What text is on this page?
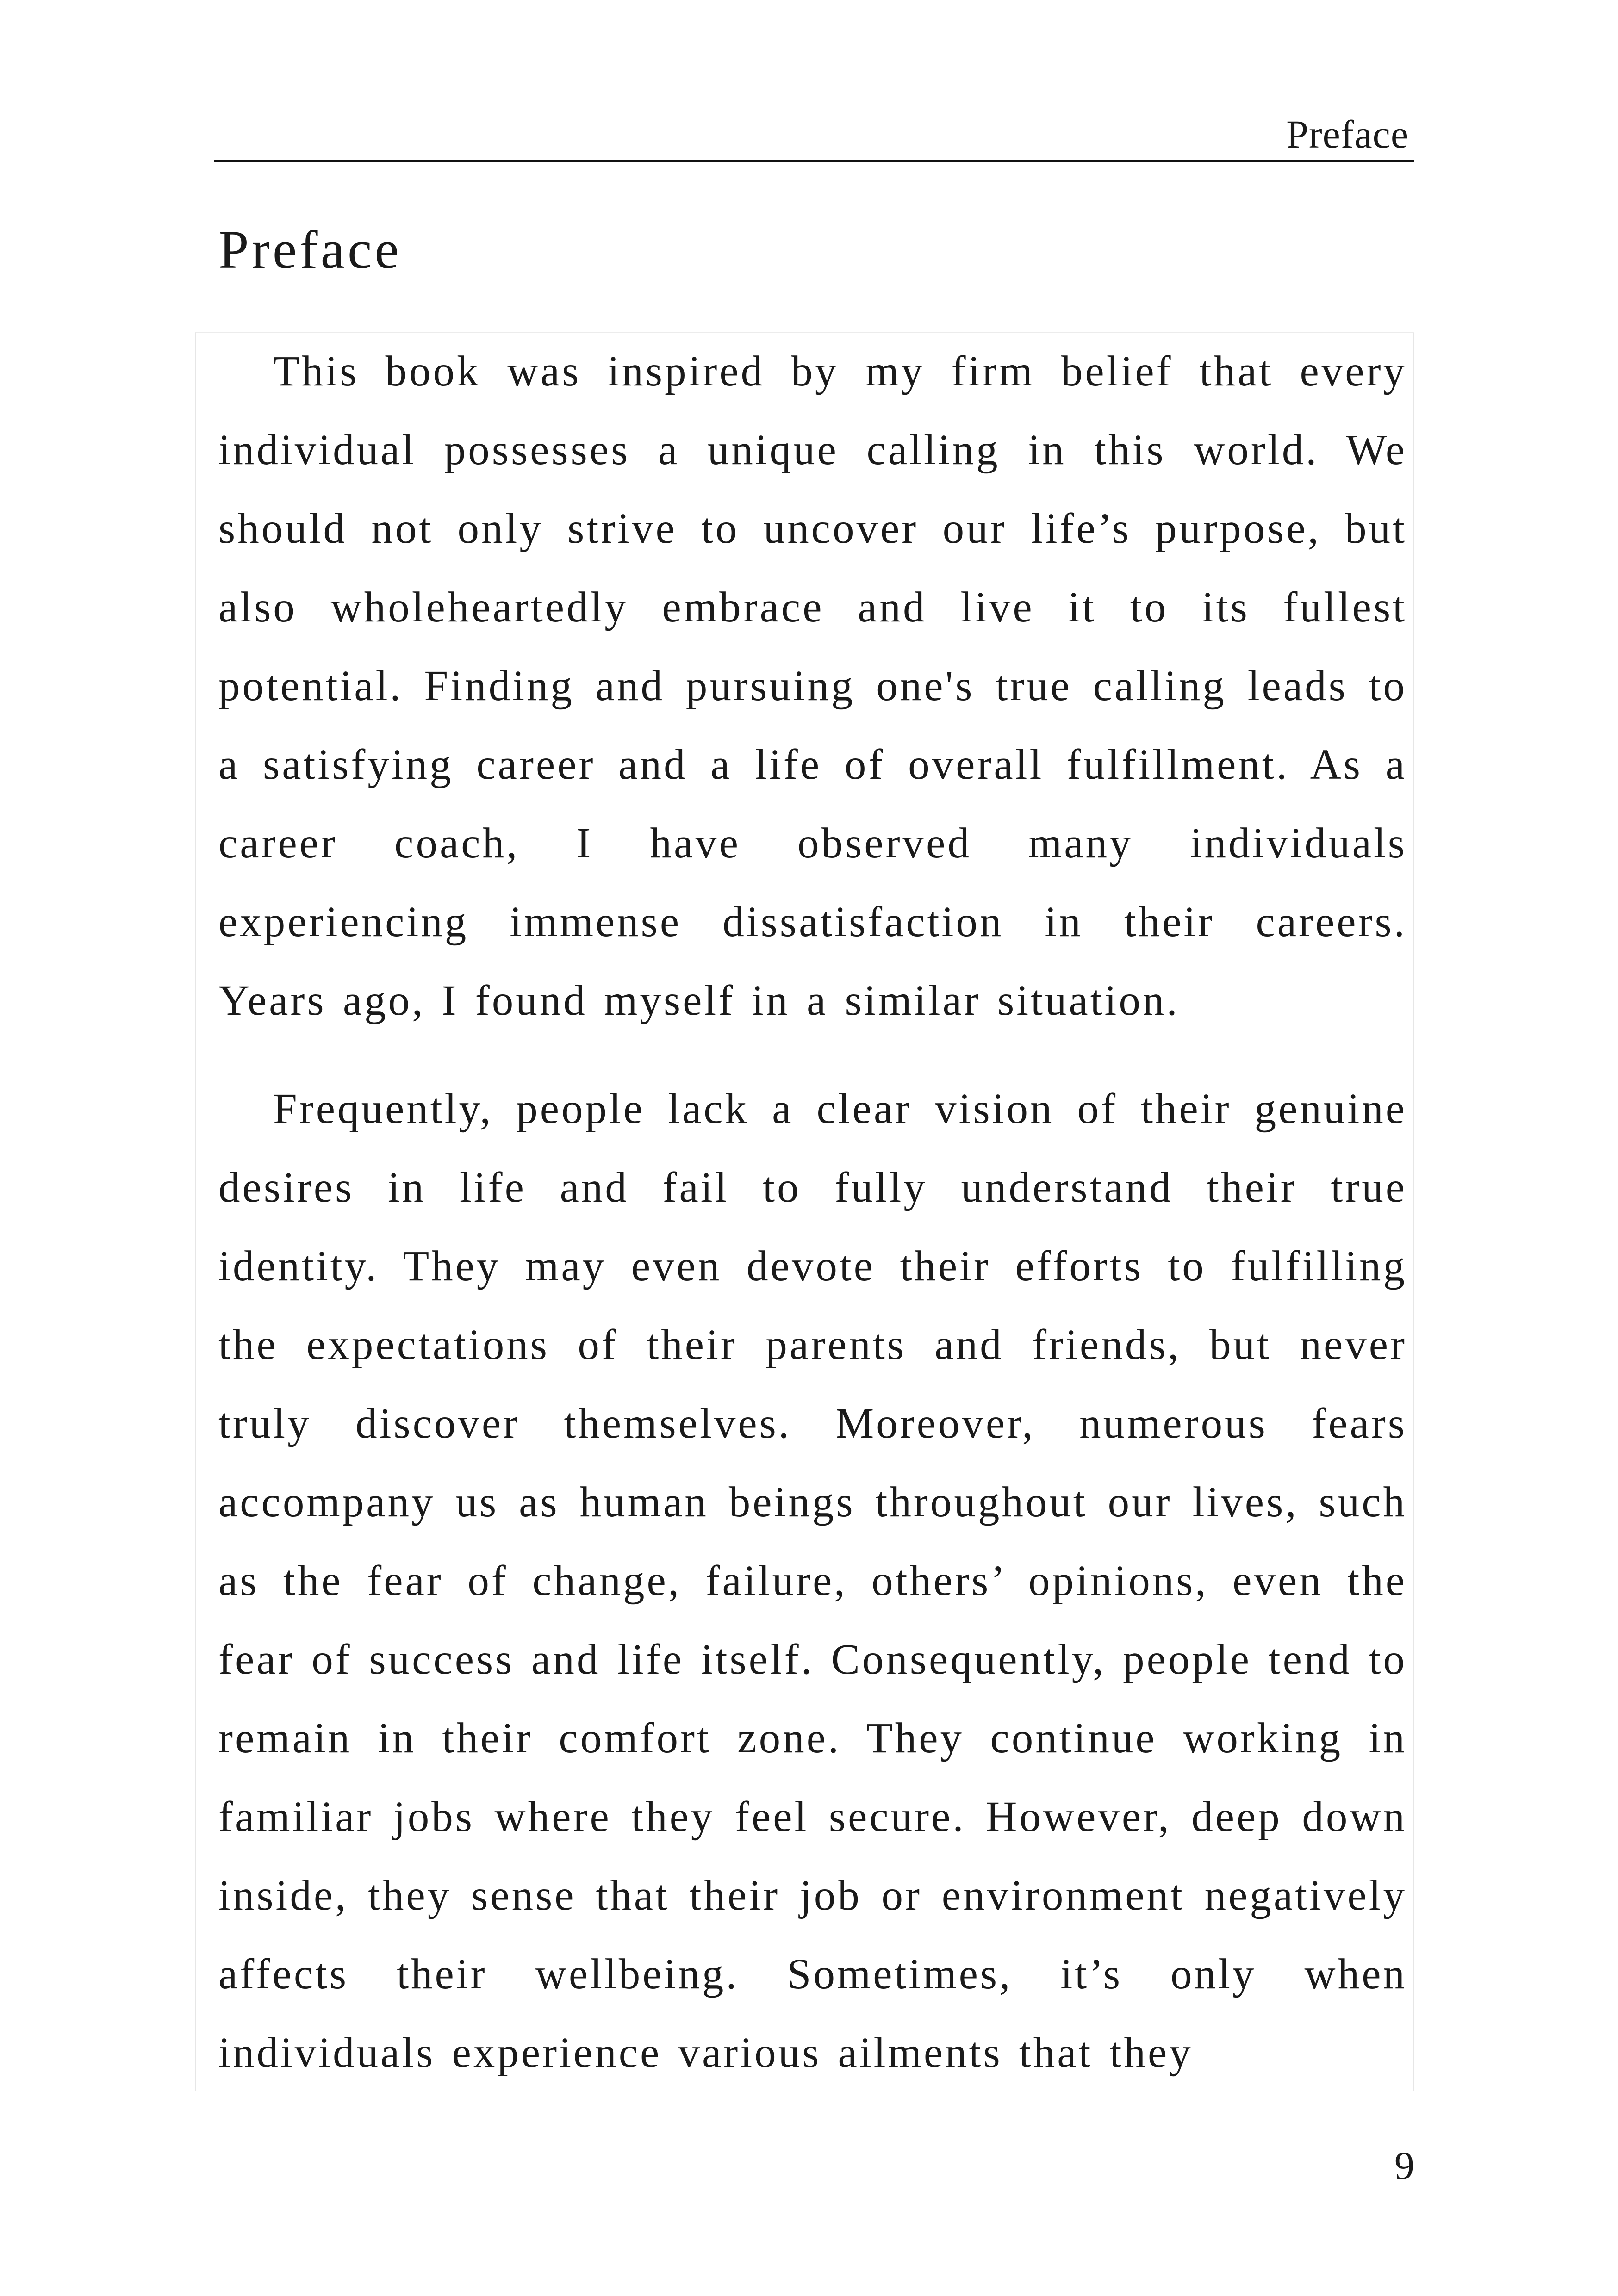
Preface
Preface

This book was inspired by my firm belief that every individual possesses a unique calling in this world. We should not only strive to uncover our life’s purpose, but also wholeheartedly embrace and live it to its fullest potential. Finding and pursuing one's true calling leads to a satisfying career and a life of overall fulfillment. As a career coach, I have observed many individuals experiencing immense dissatisfaction in their careers. Years ago, I found myself in a similar situation.

Frequently, people lack a clear vision of their genuine desires in life and fail to fully understand their true identity. They may even devote their efforts to fulfilling the expectations of their parents and friends, but never truly discover themselves. Moreover, numerous fears accompany us as human beings throughout our lives, such as the fear of change, failure, others’ opinions, even the fear of success and life itself. Consequently, people tend to remain in their comfort zone. They continue working in familiar jobs where they feel secure. However, deep down inside, they sense that their job or environment negatively affects their wellbeing. Sometimes, it’s only when individuals experience various ailments that they

9
